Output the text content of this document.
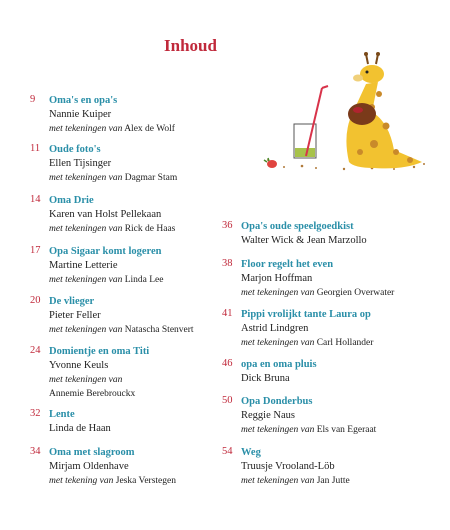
Inhoud
9 Oma's en opa's
Nannie Kuiper
met tekeningen van Alex de Wolf
11 Oude foto's
Ellen Tijsinger
met tekeningen van Dagmar Stam
14 Oma Drie
Karen van Holst Pellekaan
met tekeningen van Rick de Haas
17 Opa Sigaar komt logeren
Martine Letterie
met tekeningen van Linda Lee
20 De vlieger
Pieter Feller
met tekeningen van Natascha Stenvert
24 Domientje en oma Titi
Yvonne Keuls
met tekeningen van
Annemie Berebrouckx
32 Lente
Linda de Haan
34 Oma met slagroom
Mirjam Oldenhave
met tekening van Jeska Verstegen
36 Opa's oude speelgoedkist
Walter Wick & Jean Marzollo
38 Floor regelt het even
Marjon Hoffman
met tekeningen van Georgien Overwater
41 Pippi vrolijkt tante Laura op
Astrid Lindgren
met tekeningen van Carl Hollander
46 opa en oma pluis
Dick Bruna
50 Opa Donderbus
Reggie Naus
met tekeningen van Els van Egeraat
54 Weg
Truusje Vrooland-Löb
met tekeningen van Jan Jutte
